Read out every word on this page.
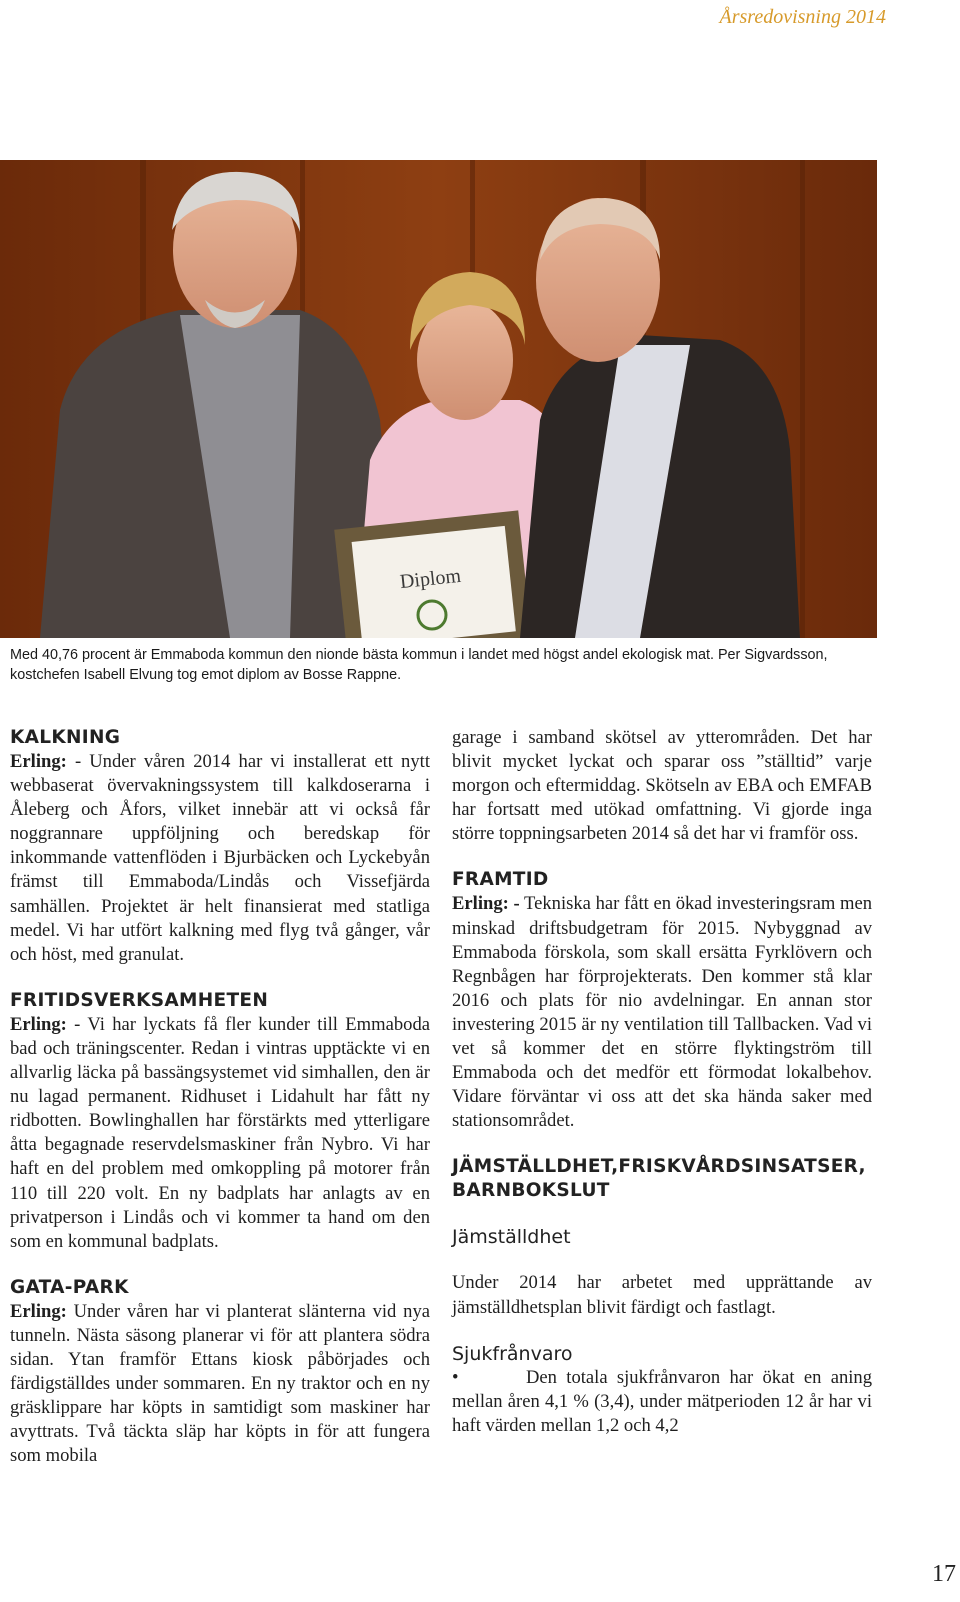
Årsredovisning 2014
Diplom
Med 40,76 procent är Emmaboda kommun den nionde bästa kommun i landet med högst andel ekologisk mat. Per Sigvardsson, kostchefen Isabell Elvung tog emot diplom av Bosse Rappne.
KALKNING

Erling: - Under våren 2014 har vi installerat ett nytt webbaserat övervakningssystem till kalkdoserarna i Åleberg och Åfors, vilket innebär att vi också får noggrannare uppföljning och beredskap för inkommande vattenflöden i Bjurbäcken och Lyckebyån främst till Emmaboda/Lindås och Vissefjärda samhällen. Projektet är helt finansierat med statliga medel. Vi har utfört kalkning med flyg två gånger, vår och höst, med granulat.

FRITIDSVERKSAMHETEN

Erling: - Vi har lyckats få fler kunder till Emmaboda bad och träningscenter. Redan i vintras upptäckte vi en allvarlig läcka på bassängsystemet vid simhallen, den är nu lagad permanent. Ridhuset i Lidahult har fått ny ridbotten. Bowlinghallen har förstärkts med ytterligare åtta begagnade reservdelsmaskiner från Nybro. Vi har haft en del problem med omkoppling på motorer från 110 till 220 volt. En ny badplats har anlagts av en privatperson i Lindås och vi kommer ta hand om den som en kommunal badplats.

GATA-PARK

Erling: Under våren har vi planterat slänterna vid nya tunneln. Nästa säsong planerar vi för att plantera södra sidan. Ytan framför Ettans kiosk påbörjades och färdigställdes under sommaren. En ny traktor och en ny gräsklippare har köpts in samtidigt som maskiner har avyttrats. Två täckta släp har köpts in för att fungera som mobila

garage i samband skötsel av ytterområden. Det har blivit mycket lyckat och sparar oss ”ställtid” varje morgon och eftermiddag. Skötseln av EBA och EMFAB har fortsatt med utökad omfattning. Vi gjorde inga större toppningsarbeten 2014 så det har vi framför oss.

FRAMTID

Erling: - Tekniska har fått en ökad investeringsram men minskad driftsbudgetram för 2015. Nybyggnad av Emmaboda förskola, som skall ersätta Fyrklövern och Regnbågen har förprojekterats. Den kommer stå klar 2016 och plats för nio avdelningar. En annan stor investering 2015 är ny ventilation till Tallbacken. Vad vi vet så kommer det en större flyktingström till Emmaboda och det medför ett förmodat lokalbehov. Vidare förväntar vi oss att det ska hända saker med stationsområdet.

JÄMSTÄLLDHET,FRISKVÅRDSINSATSER, BARNBOKSLUT
Jämställdhet

Under 2014 har arbetet med upprättande av jämställdhetsplan blivit färdigt och fastlagt.

Sjukfrånvaro

•	Den totala sjukfrånvaron har ökat en aning mellan åren 4,1 % (3,4), under mätperioden 12 år har vi haft värden mellan 1,2 och 4,2

17
